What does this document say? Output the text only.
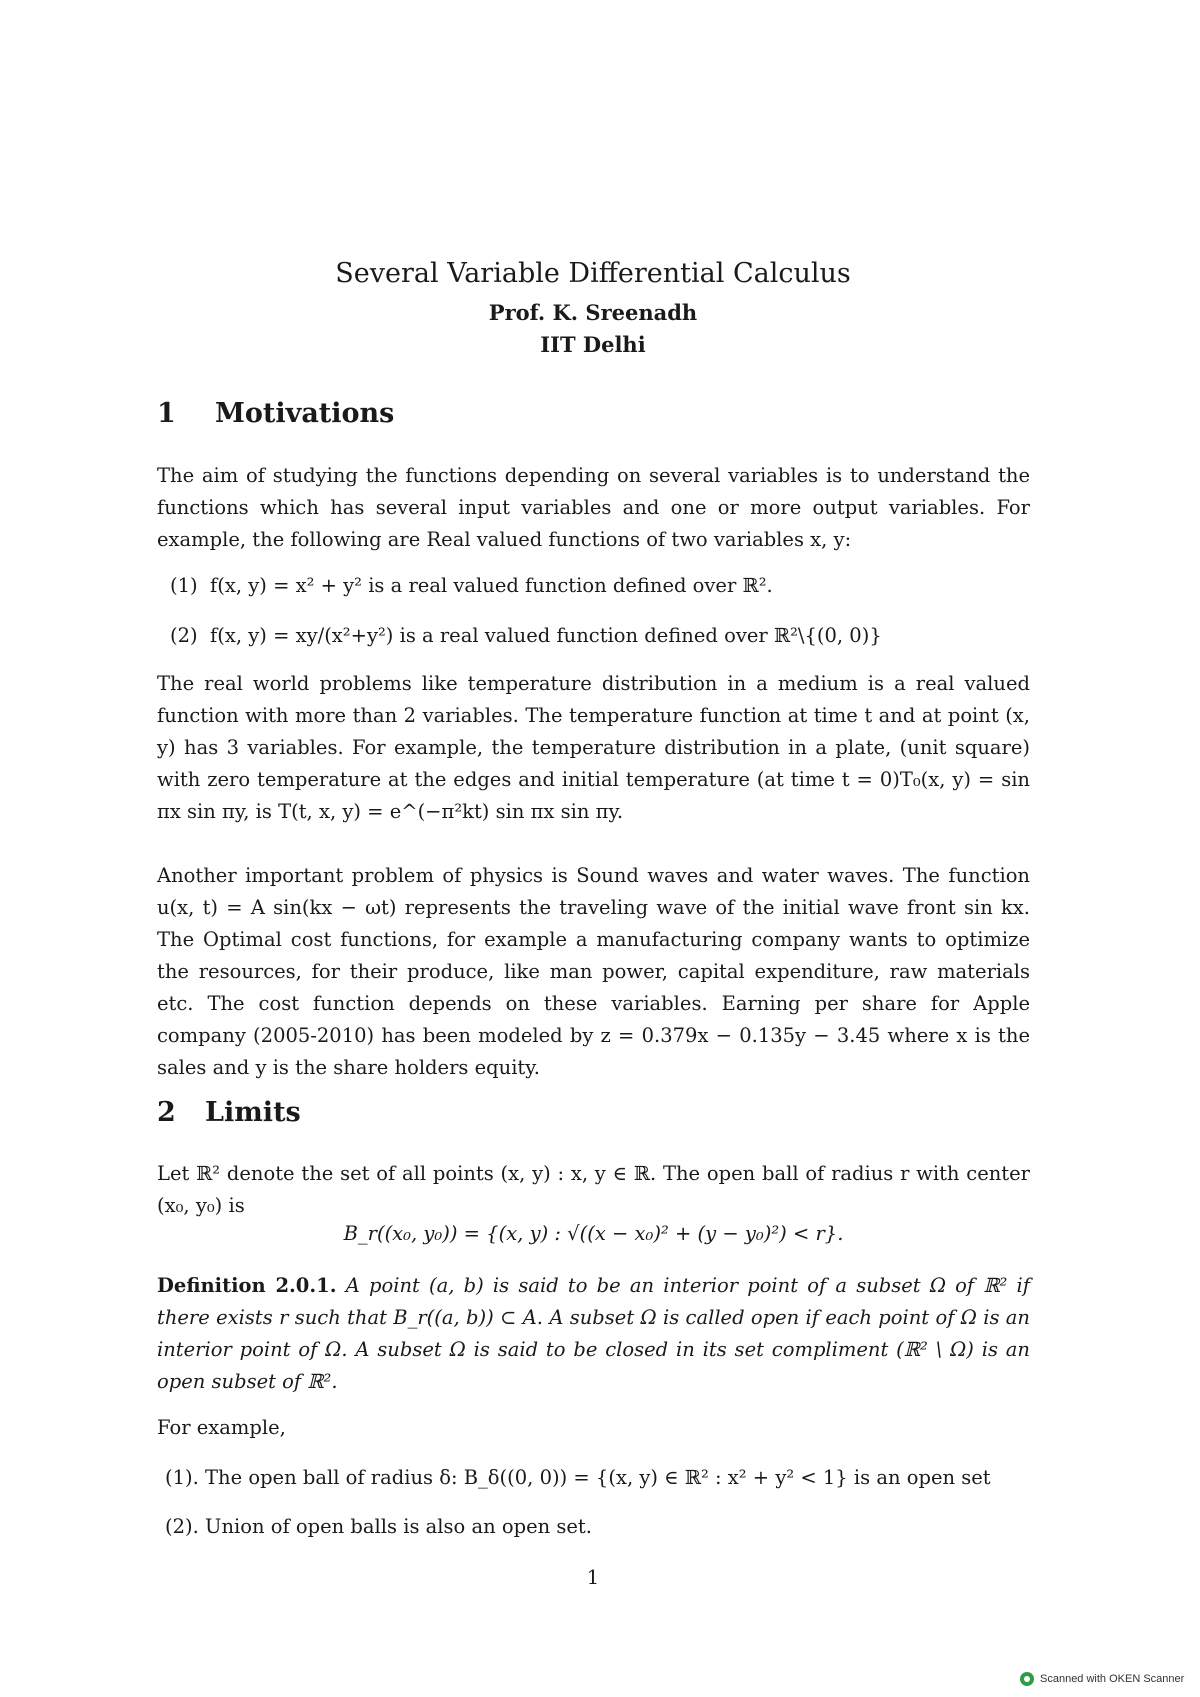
Several Variable Differential Calculus
Prof. K. Sreenadh
IIT Delhi
1 Motivations
The aim of studying the functions depending on several variables is to understand the functions which has several input variables and one or more output variables. For example, the following are Real valued functions of two variables x, y:
(1) f(x, y) = x² + y² is a real valued function defined over ℝ².
(2) f(x, y) = xy/(x²+y²) is a real valued function defined over ℝ²\{(0, 0)}
The real world problems like temperature distribution in a medium is a real valued function with more than 2 variables. The temperature function at time t and at point (x, y) has 3 variables. For example, the temperature distribution in a plate, (unit square) with zero temperature at the edges and initial temperature (at time t = 0)T₀(x, y) = sin πx sin πy, is T(t, x, y) = e^(−π²kt) sin πx sin πy.
Another important problem of physics is Sound waves and water waves. The function u(x, t) = A sin(kx − ωt) represents the traveling wave of the initial wave front sin kx. The Optimal cost functions, for example a manufacturing company wants to optimize the resources, for their produce, like man power, capital expenditure, raw materials etc. The cost function depends on these variables. Earning per share for Apple company (2005-2010) has been modeled by z = 0.379x − 0.135y − 3.45 where x is the sales and y is the share holders equity.
2 Limits
Let ℝ² denote the set of all points (x, y) : x, y ∈ ℝ. The open ball of radius r with center (x₀, y₀) is
B_r((x₀, y₀)) = {(x, y) : √((x − x₀)² + (y − y₀)²) < r}.
Definition 2.0.1. A point (a, b) is said to be an interior point of a subset Ω of ℝ² if there exists r such that B_r((a, b)) ⊂ A. A subset Ω is called open if each point of Ω is an interior point of Ω. A subset Ω is said to be closed in its set compliment (ℝ² \ Ω) is an open subset of ℝ².
For example,
(1). The open ball of radius δ: B_δ((0, 0)) = {(x, y) ∈ ℝ² : x² + y² < 1} is an open set
(2). Union of open balls is also an open set.
1
Scanned with OKEN Scanner
